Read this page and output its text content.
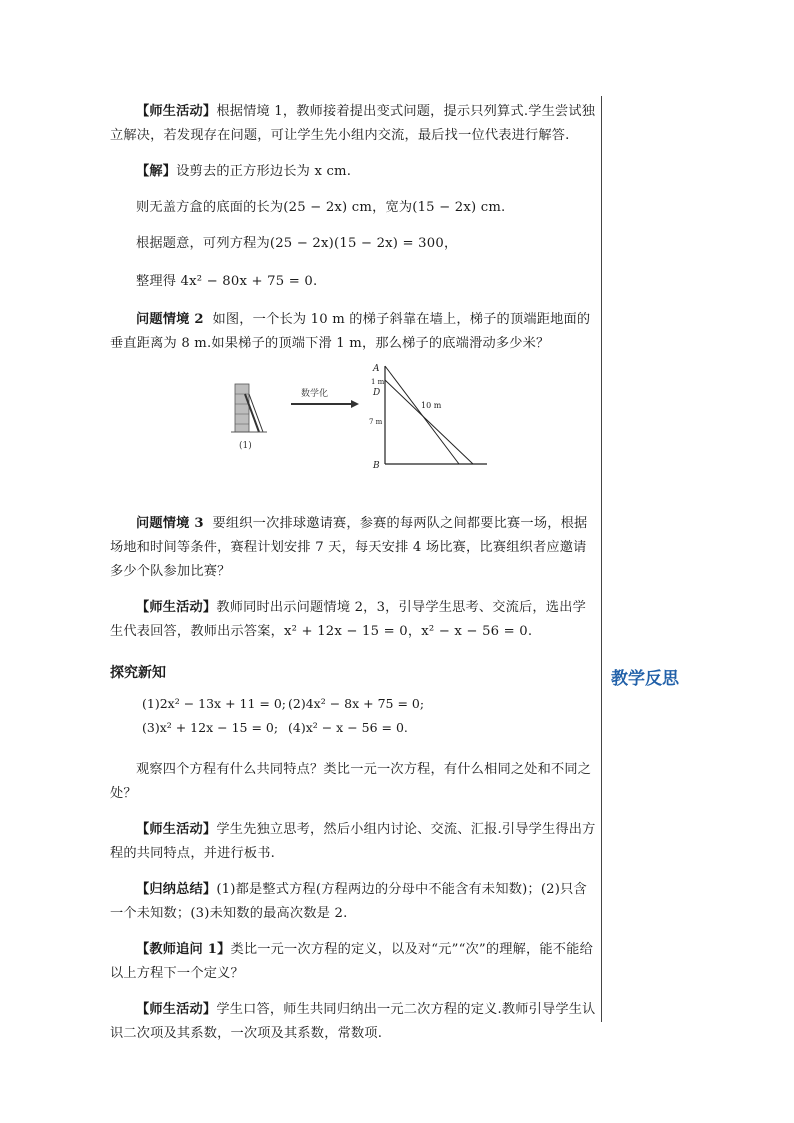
【师生活动】根据情境 1，教师接着提出变式问题，提示只列算式.学生尝试独立解决，若发现存在问题，可让学生先小组内交流，最后找一位代表进行解答.

【解】设剪去的正方形边长为 x cm.

则无盖方盒的底面的长为(25 − 2x) cm，宽为(15 − 2x) cm.

根据题意，可列方程为(25 − 2x)(15 − 2x) = 300，

整理得 4x² − 80x + 75 = 0.

问题情境 2 如图，一个长为 10 m 的梯子斜靠在墙上，梯子的顶端距地面的垂直距离为 8 m.如果梯子的顶端下滑 1 m，那么梯子的底端滑动多少米？

(1)
数学化
A
1 m
D
7 m
B
10 m

问题情境 3 要组织一次排球邀请赛，参赛的每两队之间都要比赛一场，根据场地和时间等条件，赛程计划安排 7 天，每天安排 4 场比赛，比赛组织者应邀请多少个队参加比赛？

【师生活动】教师同时出示问题情境 2，3，引导学生思考、交流后，选出学生代表回答，教师出示答案，x² + 12x − 15 = 0，x² − x − 56 = 0.

探究新知

(1)2x² − 13x + 11 = 0; (2)4x² − 8x + 75 = 0;
(3)x² + 12x − 15 = 0; (4)x² − x − 56 = 0.

观察四个方程有什么共同特点？类比一元一次方程，有什么相同之处和不同之处？

【师生活动】学生先独立思考，然后小组内讨论、交流、汇报.引导学生得出方程的共同特点，并进行板书.

【归纳总结】(1)都是整式方程(方程两边的分母中不能含有未知数)；(2)只含一个未知数；(3)未知数的最高次数是 2.

【教师追问 1】类比一元一次方程的定义，以及对“元”“次”的理解，能不能给以上方程下一个定义？

【师生活动】学生口答，师生共同归纳出一元二次方程的定义.教师引导学生认识二次项及其系数，一次项及其系数，常数项.

教学反思
